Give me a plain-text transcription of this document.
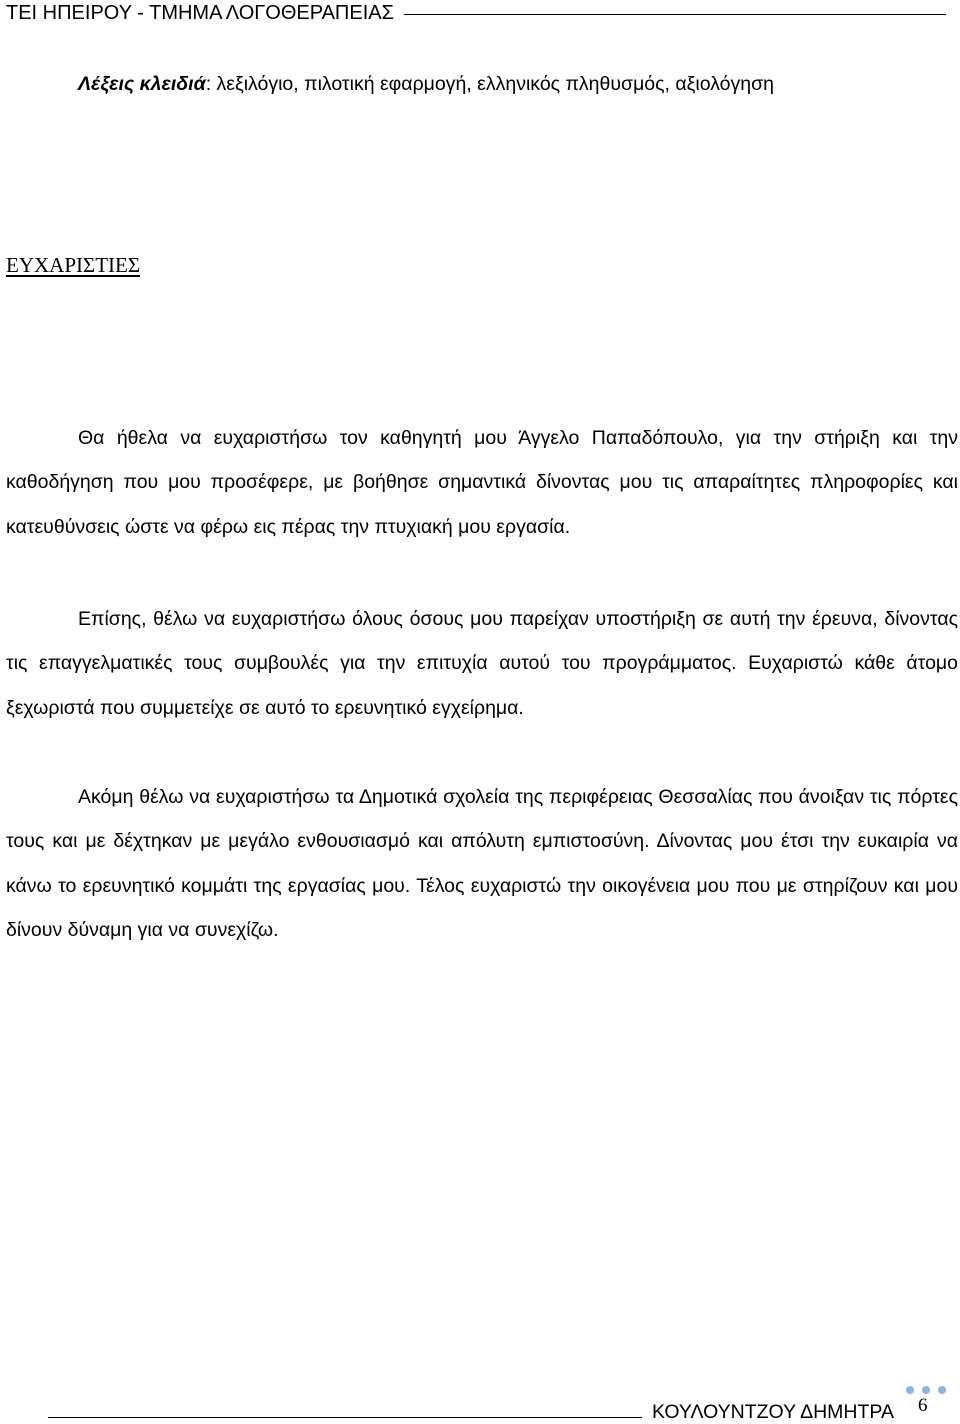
ΤΕΙ ΗΠΕΙΡΟΥ - ΤΜΗΜΑ ΛΟΓΟΘΕΡΑΠΕΙΑΣ
Λέξεις κλειδιά: λεξιλόγιο, πιλοτική εφαρμογή, ελληνικός πληθυσμός, αξιολόγηση
ΕΥΧΑΡΙΣΤΙΕΣ

Θα ήθελα να ευχαριστήσω τον καθηγητή μου Άγγελο Παπαδόπουλο, για την στήριξη και την καθοδήγηση που μου προσέφερε, με βοήθησε σημαντικά δίνοντας μου τις απαραίτητες πληροφορίες και κατευθύνσεις ώστε να φέρω εις πέρας την πτυχιακή μου εργασία.

Επίσης, θέλω να ευχαριστήσω όλους όσους μου παρείχαν υποστήριξη σε αυτή την έρευνα, δίνοντας τις επαγγελματικές τους συμβουλές για την επιτυχία αυτού του προγράμματος. Ευχαριστώ κάθε άτομο ξεχωριστά που συμμετείχε σε αυτό το ερευνητικό εγχείρημα.

Ακόμη θέλω να ευχαριστήσω τα Δημοτικά σχολεία της περιφέρειας Θεσσαλίας που άνοιξαν τις πόρτες τους και με δέχτηκαν με μεγάλο ενθουσιασμό και απόλυτη εμπιστοσύνη. Δίνοντας μου έτσι την ευκαιρία να κάνω το ερευνητικό κομμάτι της εργασίας μου. Τέλος ευχαριστώ την οικογένεια μου που με στηρίζουν και μου δίνουν δύναμη για να συνεχίζω.

ΚΟΥΛΟΥΝΤΖΟΥ ΔΗΜΗΤΡΑ 6
